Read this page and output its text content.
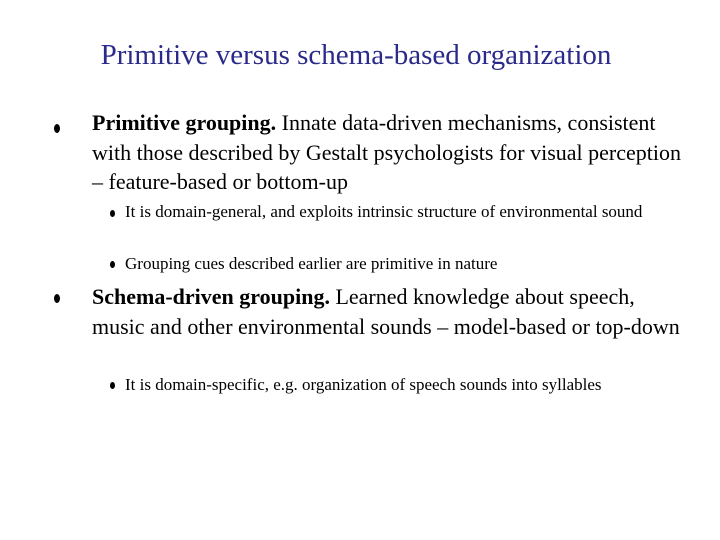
Primitive versus schema-based organization
Primitive grouping. Innate data-driven mechanisms, consistent with those described by Gestalt psychologists for visual perception – feature-based or bottom-up
It is domain-general, and exploits intrinsic structure of environmental sound
Grouping cues described earlier are primitive in nature
Schema-driven grouping. Learned knowledge about speech, music and other environmental sounds – model-based or top-down
It is domain-specific, e.g. organization of speech sounds into syllables
